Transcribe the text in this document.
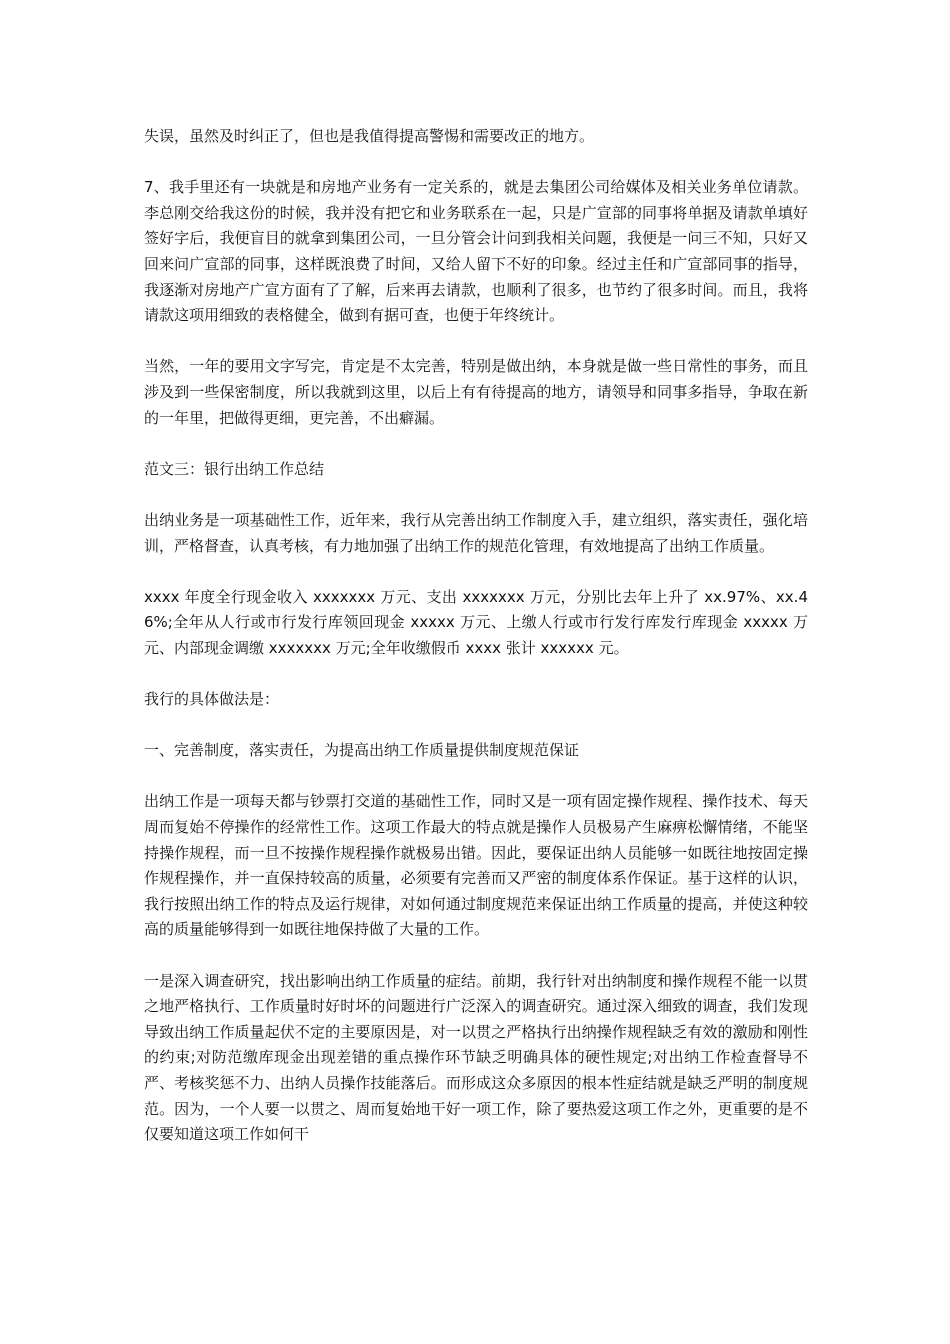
失误，虽然及时纠正了，但也是我值得提高警惕和需要改正的地方。

7、我手里还有一块就是和房地产业务有一定关系的，就是去集团公司给媒体及相关业务单位请款。李总刚交给我这份的时候，我并没有把它和业务联系在一起，只是广宣部的同事将单据及请款单填好签好字后，我便盲目的就拿到集团公司，一旦分管会计问到我相关问题，我便是一问三不知，只好又回来问广宣部的同事，这样既浪费了时间，又给人留下不好的印象。经过主任和广宣部同事的指导，我逐渐对房地产广宣方面有了了解，后来再去请款，也顺利了很多，也节约了很多时间。而且，我将请款这项用细致的表格健全，做到有据可查，也便于年终统计。

当然，一年的要用文字写完，肯定是不太完善，特别是做出纳，本身就是做一些日常性的事务，而且涉及到一些保密制度，所以我就到这里，以后上有有待提高的地方，请领导和同事多指导，争取在新的一年里，把做得更细，更完善，不出癖漏。

范文三：银行出纳工作总结

出纳业务是一项基础性工作，近年来，我行从完善出纳工作制度入手，建立组织，落实责任，强化培训，严格督查，认真考核，有力地加强了出纳工作的规范化管理，有效地提高了出纳工作质量。

xxxx 年度全行现金收入 xxxxxxx 万元、支出 xxxxxxx 万元，分别比去年上升了 xx.97%、xx.46%;全年从人行或市行发行库领回现金 xxxxx 万元、上缴人行或市行发行库发行库现金 xxxxx 万元、内部现金调缴 xxxxxxx 万元;全年收缴假币 xxxx 张计 xxxxxx 元。

我行的具体做法是：

一、完善制度，落实责任，为提高出纳工作质量提供制度规范保证

出纳工作是一项每天都与钞票打交道的基础性工作，同时又是一项有固定操作规程、操作技术、每天周而复始不停操作的经常性工作。这项工作最大的特点就是操作人员极易产生麻痹松懈情绪，不能坚持操作规程，而一旦不按操作规程操作就极易出错。因此，要保证出纳人员能够一如既往地按固定操作规程操作，并一直保持较高的质量，必须要有完善而又严密的制度体系作保证。基于这样的认识，我行按照出纳工作的特点及运行规律，对如何通过制度规范来保证出纳工作质量的提高，并使这种较高的质量能够得到一如既往地保持做了大量的工作。

一是深入调查研究，找出影响出纳工作质量的症结。前期，我行针对出纳制度和操作规程不能一以贯之地严格执行、工作质量时好时坏的问题进行广泛深入的调查研究。通过深入细致的调查，我们发现导致出纳工作质量起伏不定的主要原因是，对一以贯之严格执行出纳操作规程缺乏有效的激励和刚性的约束;对防范缴库现金出现差错的重点操作环节缺乏明确具体的硬性规定;对出纳工作检查督导不严、考核奖惩不力、出纳人员操作技能落后。而形成这众多原因的根本性症结就是缺乏严明的制度规范。因为，一个人要一以贯之、周而复始地干好一项工作，除了要热爱这项工作之外，更重要的是不仅要知道这项工作如何干
